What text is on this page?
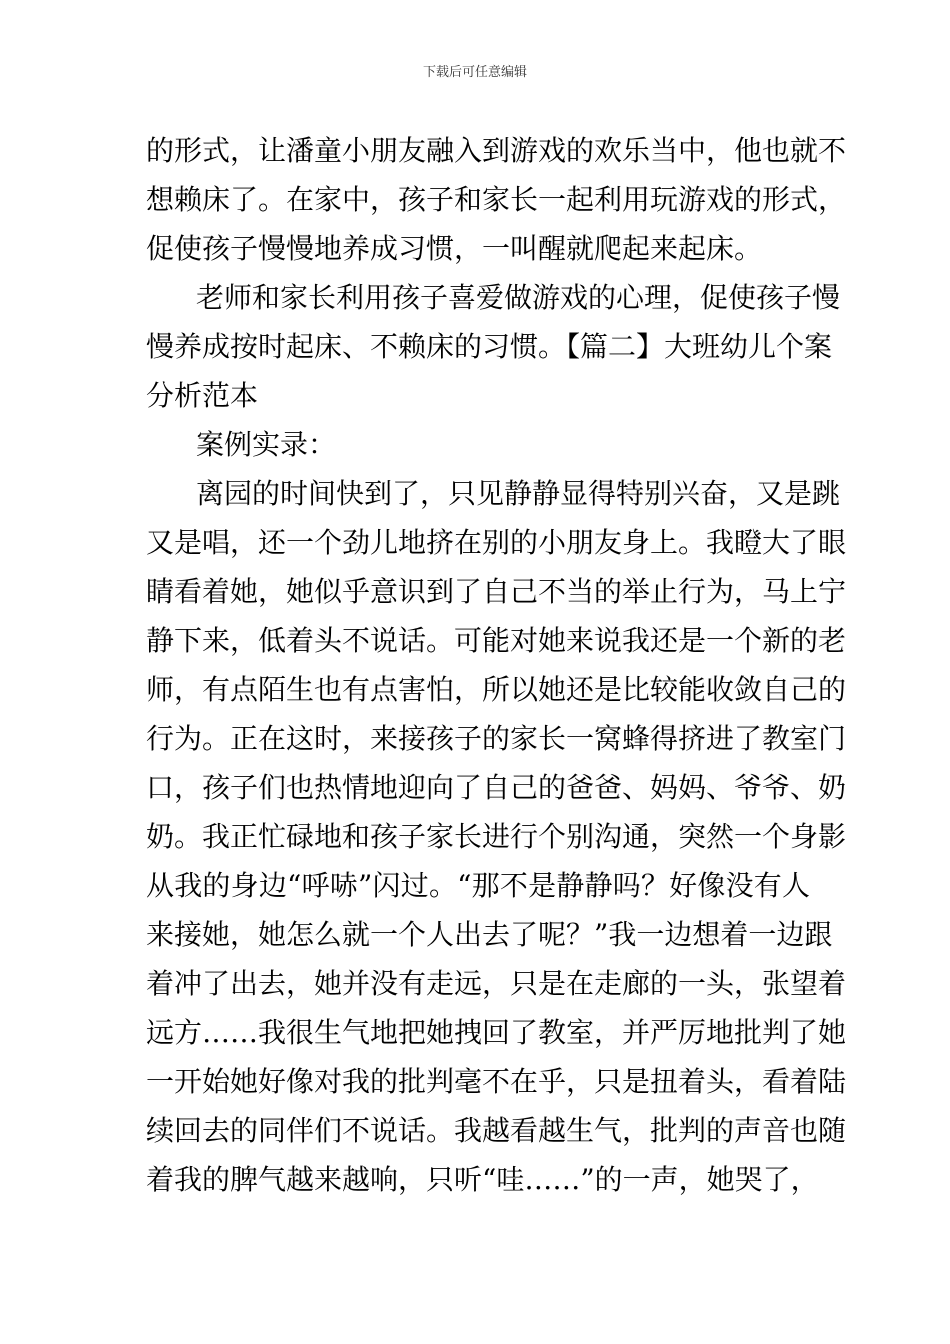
下载后可任意编辑
的形式，让潘童小朋友融入到游戏的欢乐当中，他也就不
想赖床了。在家中，孩子和家长一起利用玩游戏的形式，
促使孩子慢慢地养成习惯，一叫醒就爬起来起床。
老师和家长利用孩子喜爱做游戏的心理，促使孩子慢
慢养成按时起床、不赖床的习惯。【篇二】大班幼儿个案
分析范本
案例实录：
离园的时间快到了，只见静静显得特别兴奋，又是跳
又是唱，还一个劲儿地挤在别的小朋友身上。我瞪大了眼
睛看着她，她似乎意识到了自己不当的举止行为，马上宁
静下来，低着头不说话。可能对她来说我还是一个新的老
师，有点陌生也有点害怕，所以她还是比较能收敛自己的
行为。正在这时，来接孩子的家长一窝蜂得挤进了教室门
口，孩子们也热情地迎向了自己的爸爸、妈妈、爷爷、奶
奶。我正忙碌地和孩子家长进行个别沟通，突然一个身影
从我的身边“呼哧”闪过。“那不是静静吗？好像没有人
来接她，她怎么就一个人出去了呢？”我一边想着一边跟
着冲了出去，她并没有走远，只是在走廊的一头，张望着
远方……我很生气地把她拽回了教室，并严厉地批判了她
一开始她好像对我的批判毫不在乎，只是扭着头，看着陆
续回去的同伴们不说话。我越看越生气，批判的声音也随
着我的脾气越来越响，只听“哇……”的一声，她哭了，
